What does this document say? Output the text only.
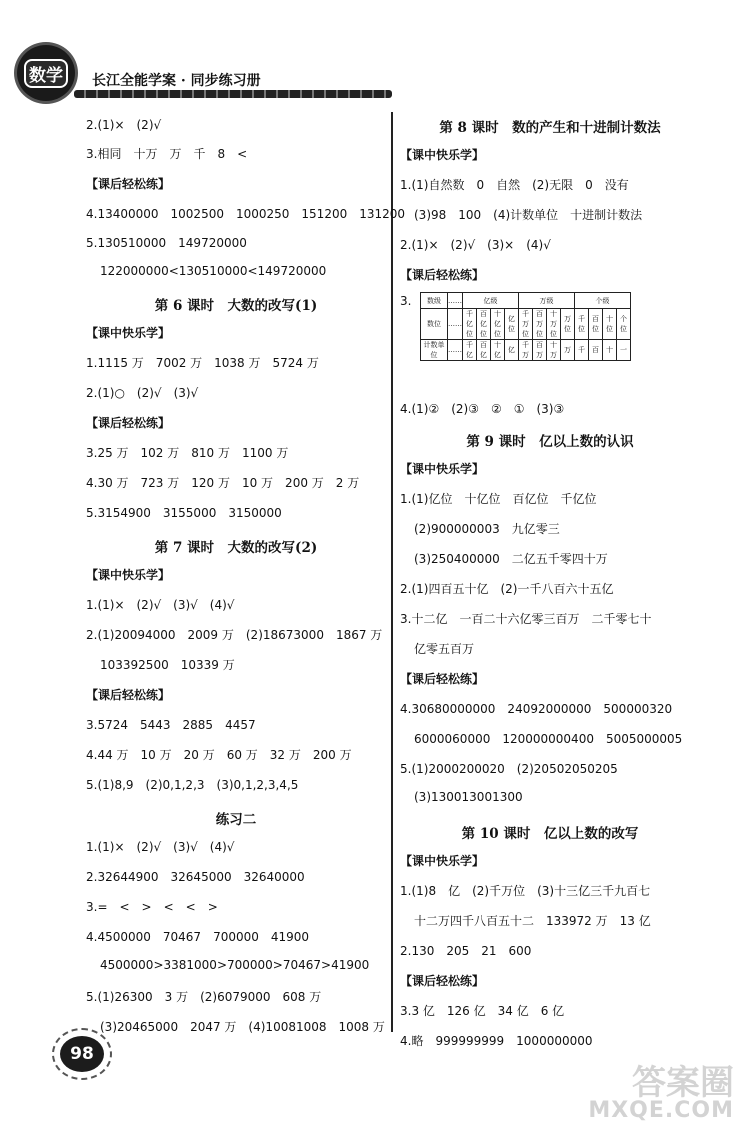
数学	长江全能学案 · 同步练习册
2.(1)×　(2)√
3.相同　十万　万　千　8　<
【课后轻松练】
4.13400000　1002500　1000250　151200　131200
5.130510000　149720000
122000000<130510000<149720000
第 6 课时　大数的改写(1)
【课中快乐学】
1.1115 万　7002 万　1038 万　5724 万
2.(1)○　(2)√　(3)√
【课后轻松练】
3.25 万　102 万　810 万　1100 万
4.30 万　723 万　120 万　10 万　200 万　2 万
5.3154900　3155000　3150000
第 7 课时　大数的改写(2)
【课中快乐学】
1.(1)×　(2)√　(3)√　(4)√
2.(1)20094000　2009 万　(2)18673000　1867 万
103392500　10339 万
【课后轻松练】
3.5724　5443　2885　4457
4.44 万　10 万　20 万　60 万　32 万　200 万
5.(1)8,9　(2)0,1,2,3　(3)0,1,2,3,4,5
练习二
1.(1)×　(2)√　(3)√　(4)√
2.32644900　32645000　32640000
3.=　<　>　<　<　>
4.4500000　70467　700000　41900
4500000>3381000>700000>70467>41900
5.(1)26300　3 万　(2)6079000　608 万
(3)20465000　2047 万　(4)10081008　1008 万
第 8 课时　数的产生和十进制计数法
【课中快乐学】
1.(1)自然数　0　自然　(2)无限　0　没有
(3)98　100　(4)计数单位　十进制计数法
2.(1)×　(2)√　(3)×　(4)√
【课后轻松练】
3. 数级	……	亿级				万级				个级			
数位	……	千亿位	百亿位	十亿位	亿位	千万位	百万位	十万位	万位	千位	百位	十位	个位
计数单位	……	千亿	百亿	十亿	亿	千万	百万	十万	万	千	百	十	一
4.(1)②　(2)③　②　①　(3)③
第 9 课时　亿以上数的认识
【课中快乐学】
1.(1)亿位　十亿位　百亿位　千亿位
(2)900000003　九亿零三
(3)250400000　二亿五千零四十万
2.(1)四百五十亿　(2)一千八百六十五亿
3.十二亿　一百二十六亿零三百万　二千零七十
亿零五百万
【课后轻松练】
4.30680000000　24092000000　500000320
6000060000　120000000400　5005000005
5.(1)2000200020　(2)20502050205
(3)130013001300
第 10 课时　亿以上数的改写
【课中快乐学】
1.(1)8　亿　(2)千万位　(3)十三亿三千九百七
十二万四千八百五十二　133972 万　13 亿
2.130　205　21　600
【课后轻松练】
3.3 亿　126 亿　34 亿　6 亿
4.略　999999999　1000000000
98
答案圈
MXQE.COM
